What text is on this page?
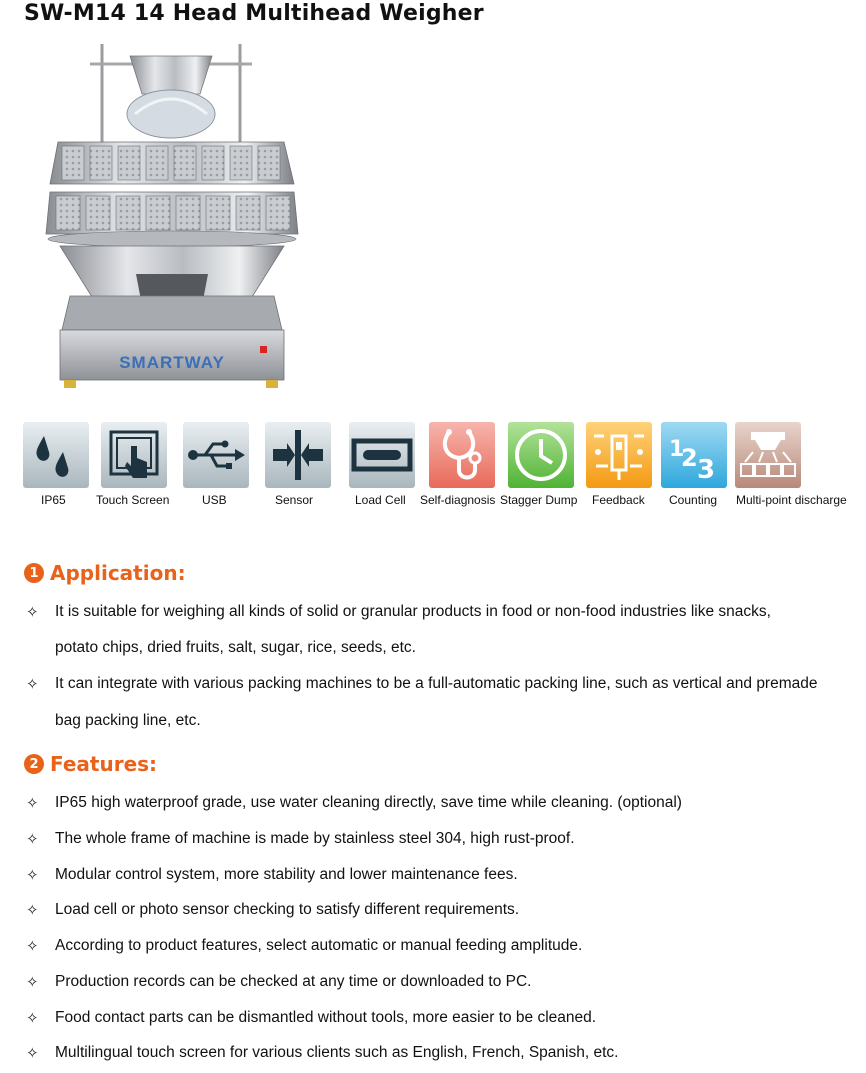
SW-M14 14 Head Multihead Weigher
SMARTWAY
IP65	Touch Screen	USB	Sensor	Load Cell Self-diagnosis Stagger Dump Feedback
1
2 3
Counting Multi-point discharge
1 Application:
✧ It is suitable for weighing all kinds of solid or granular products in food or non-food industries like snacks,
potato chips, dried fruits, salt, sugar, rice, seeds, etc.
✧ It can integrate with various packing machines to be a full-automatic packing line, such as vertical and premade
bag packing line, etc.
2 Features:
✧ IP65 high waterproof grade, use water cleaning directly, save time while cleaning. (optional)
✧ The whole frame of machine is made by stainless steel 304, high rust-proof.
✧ Modular control system, more stability and lower maintenance fees.
✧ Load cell or photo sensor checking to satisfy different requirements.
✧ According to product features, select automatic or manual feeding amplitude.
✧ Production records can be checked at any time or downloaded to PC.
✧ Food contact parts can be dismantled without tools, more easier to be cleaned.
✧ Multilingual touch screen for various clients such as English, French, Spanish, etc.
